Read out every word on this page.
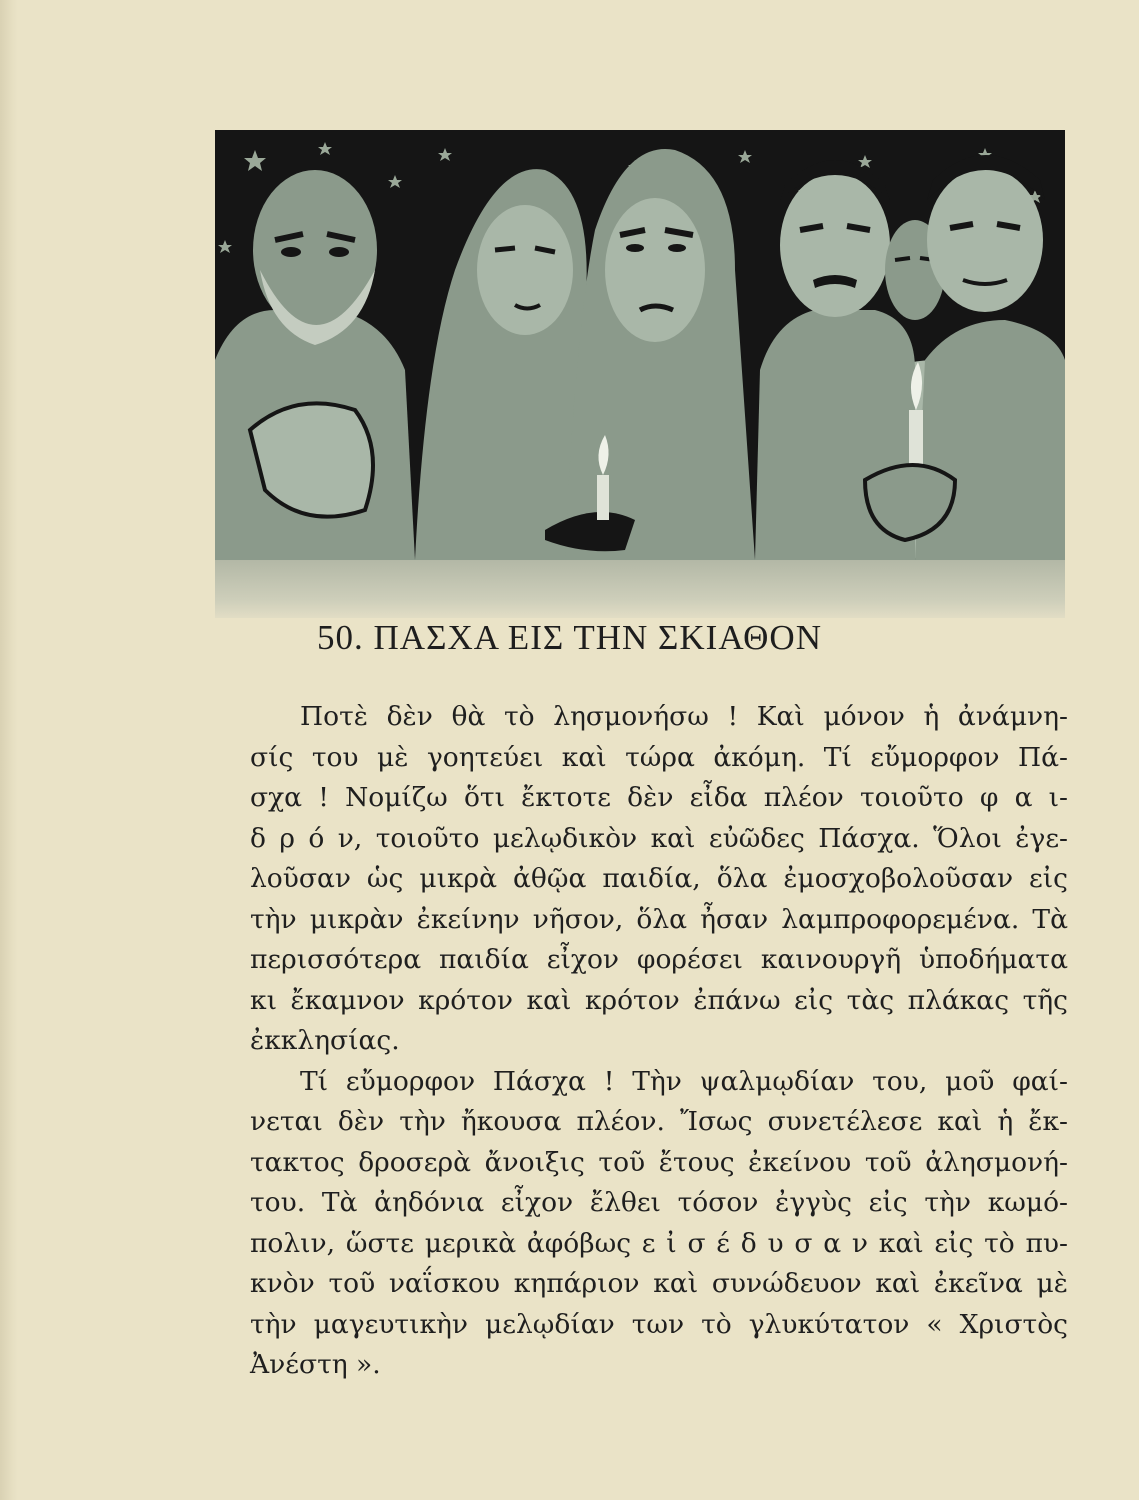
50. ΠΑΣΧΑ ΕΙΣ ΤΗΝ ΣΚΙΑΘΟΝ

Ποτὲ δὲν θὰ τὸ λησμονήσω ! Καὶ μόνον ἡ ἀνάμνη-
σίς του μὲ γοητεύει καὶ τώρα ἀκόμη. Τί εὔμορφον Πά-
σχα ! Νομίζω ὅτι ἔκτοτε δὲν εἶδα πλέον τοιοῦτο φ α ι-
δ ρ ό ν, τοιοῦτο μελῳδικὸν καὶ εὐῶδες Πάσχα. Ὅλοι ἐγε-
λοῦσαν ὡς μικρὰ ἀθῷα παιδία, ὅλα ἐμοσχοβολοῦσαν εἰς
τὴν μικρὰν ἐκείνην νῆσον, ὅλα ἦσαν λαμπροφορεμένα. Τὰ
περισσότερα παιδία εἶχον φορέσει καινουργῆ ὑποδήματα
κι ἔκαμνον κρότον καὶ κρότον ἐπάνω εἰς τὰς πλάκας τῆς
ἐκκλησίας.

Τί εὔμορφον Πάσχα ! Τὴν ψαλμῳδίαν του, μοῦ φαί-
νεται δὲν τὴν ἤκουσα πλέον. Ἴσως συνετέλεσε καὶ ἡ ἔκ-
τακτος δροσερὰ ἄνοιξις τοῦ ἔτους ἐκείνου τοῦ ἀλησμονή-
του. Τὰ ἀηδόνια εἶχον ἔλθει τόσον ἐγγὺς εἰς τὴν κωμό-
πολιν, ὥστε μερικὰ ἀφόβως ε ἰ σ έ δ υ σ α ν καὶ εἰς τὸ πυ-
κνὸν τοῦ ναΐσκου κηπάριον καὶ συνώδευον καὶ ἐκεῖνα μὲ
τὴν μαγευτικὴν μελῳδίαν των τὸ γλυκύτατον « Χριστὸς
Ἀνέστη ».
